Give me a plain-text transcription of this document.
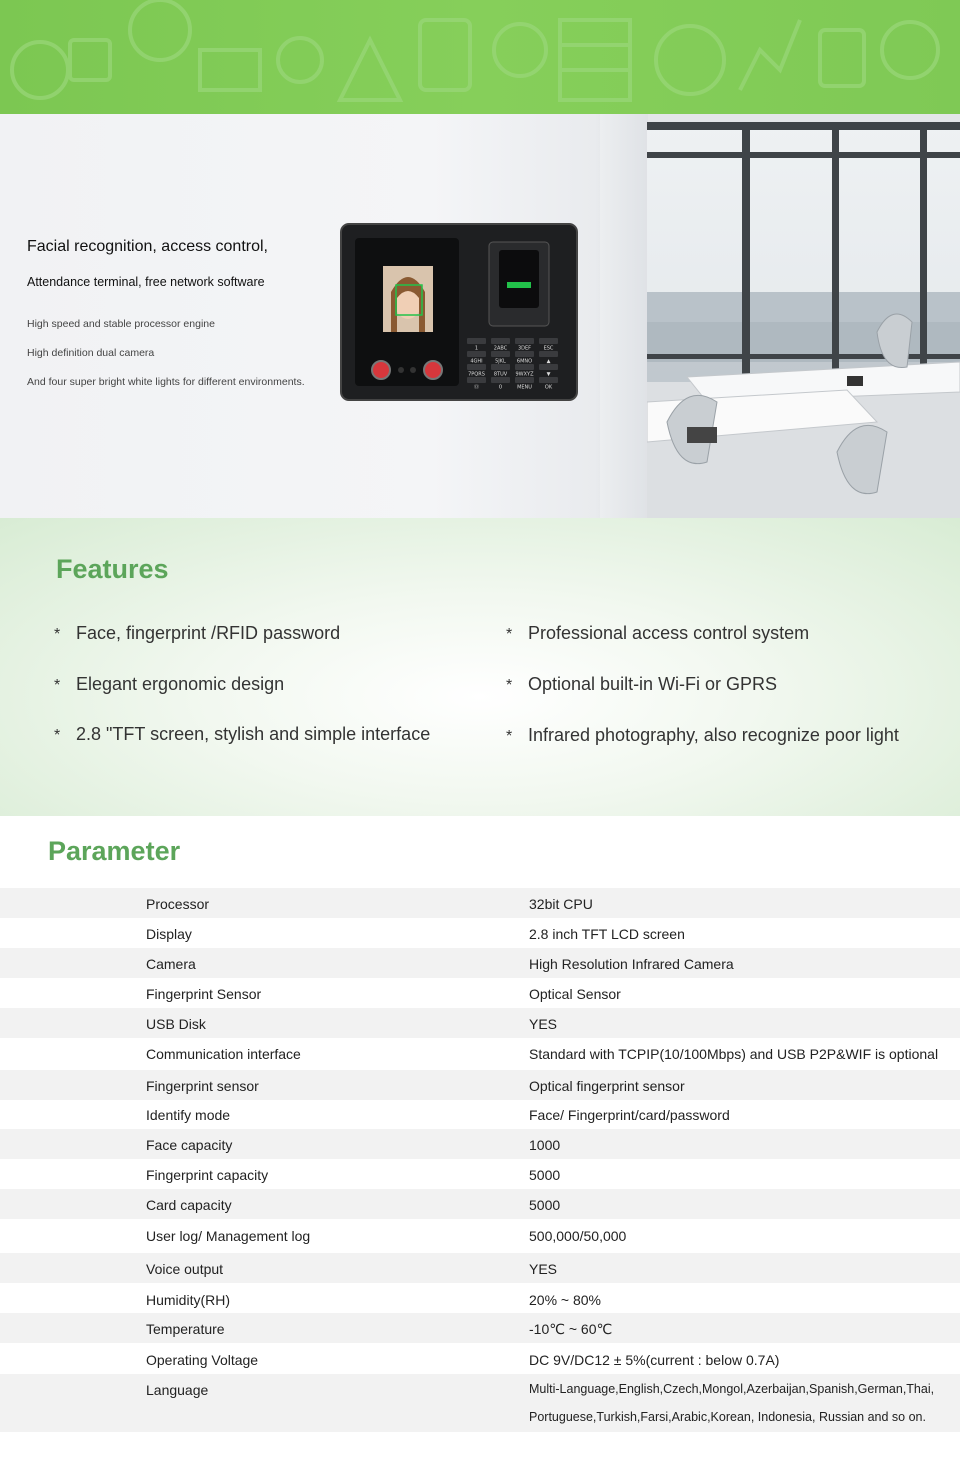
Facial recognition, access control,
Attendance terminal, free network software
High speed and stable processor engine
High definition dual camera
And four super bright white lights for different environments.
1	2ABC 3DEF	ESC
4GHI 5JKL 6MNO	▲
7PQRS 8TUV 9WXYZ	▼
Ⓞ	0	MENU	OK
Features
* Face, fingerprint /RFID password	* Professional access control system
* Elegant ergonomic design	* Optional built-in Wi-Fi or GPRS
* 2.8 "TFT screen, stylish and simple interface	* Infrared photography, also recognize poor light
Parameter
Processor	32bit CPU
Display	2.8 inch TFT LCD screen
Camera	High Resolution Infrared Camera
Fingerprint Sensor	Optical Sensor
USB Disk	YES
Communication interface	Standard with TCPIP(10/100Mbps) and USB P2P&WIF is optional
Fingerprint sensor	Optical fingerprint sensor
Identify mode	Face/ Fingerprint/card/password
Face capacity	1000
Fingerprint capacity	5000
Card capacity	5000
User log/ Management log	500,000/50,000
Voice output	YES
Humidity(RH)	20% ~ 80%
Temperature	-10℃ ~ 60℃
Operating Voltage	DC 9V/DC12 ± 5%(current : below 0.7A)
Language	Multi-Language,English,Czech,Mongol,Azerbaijan,Spanish,German,Thai,
Portuguese,Turkish,Farsi,Arabic,Korean, Indonesia, Russian and so on.
